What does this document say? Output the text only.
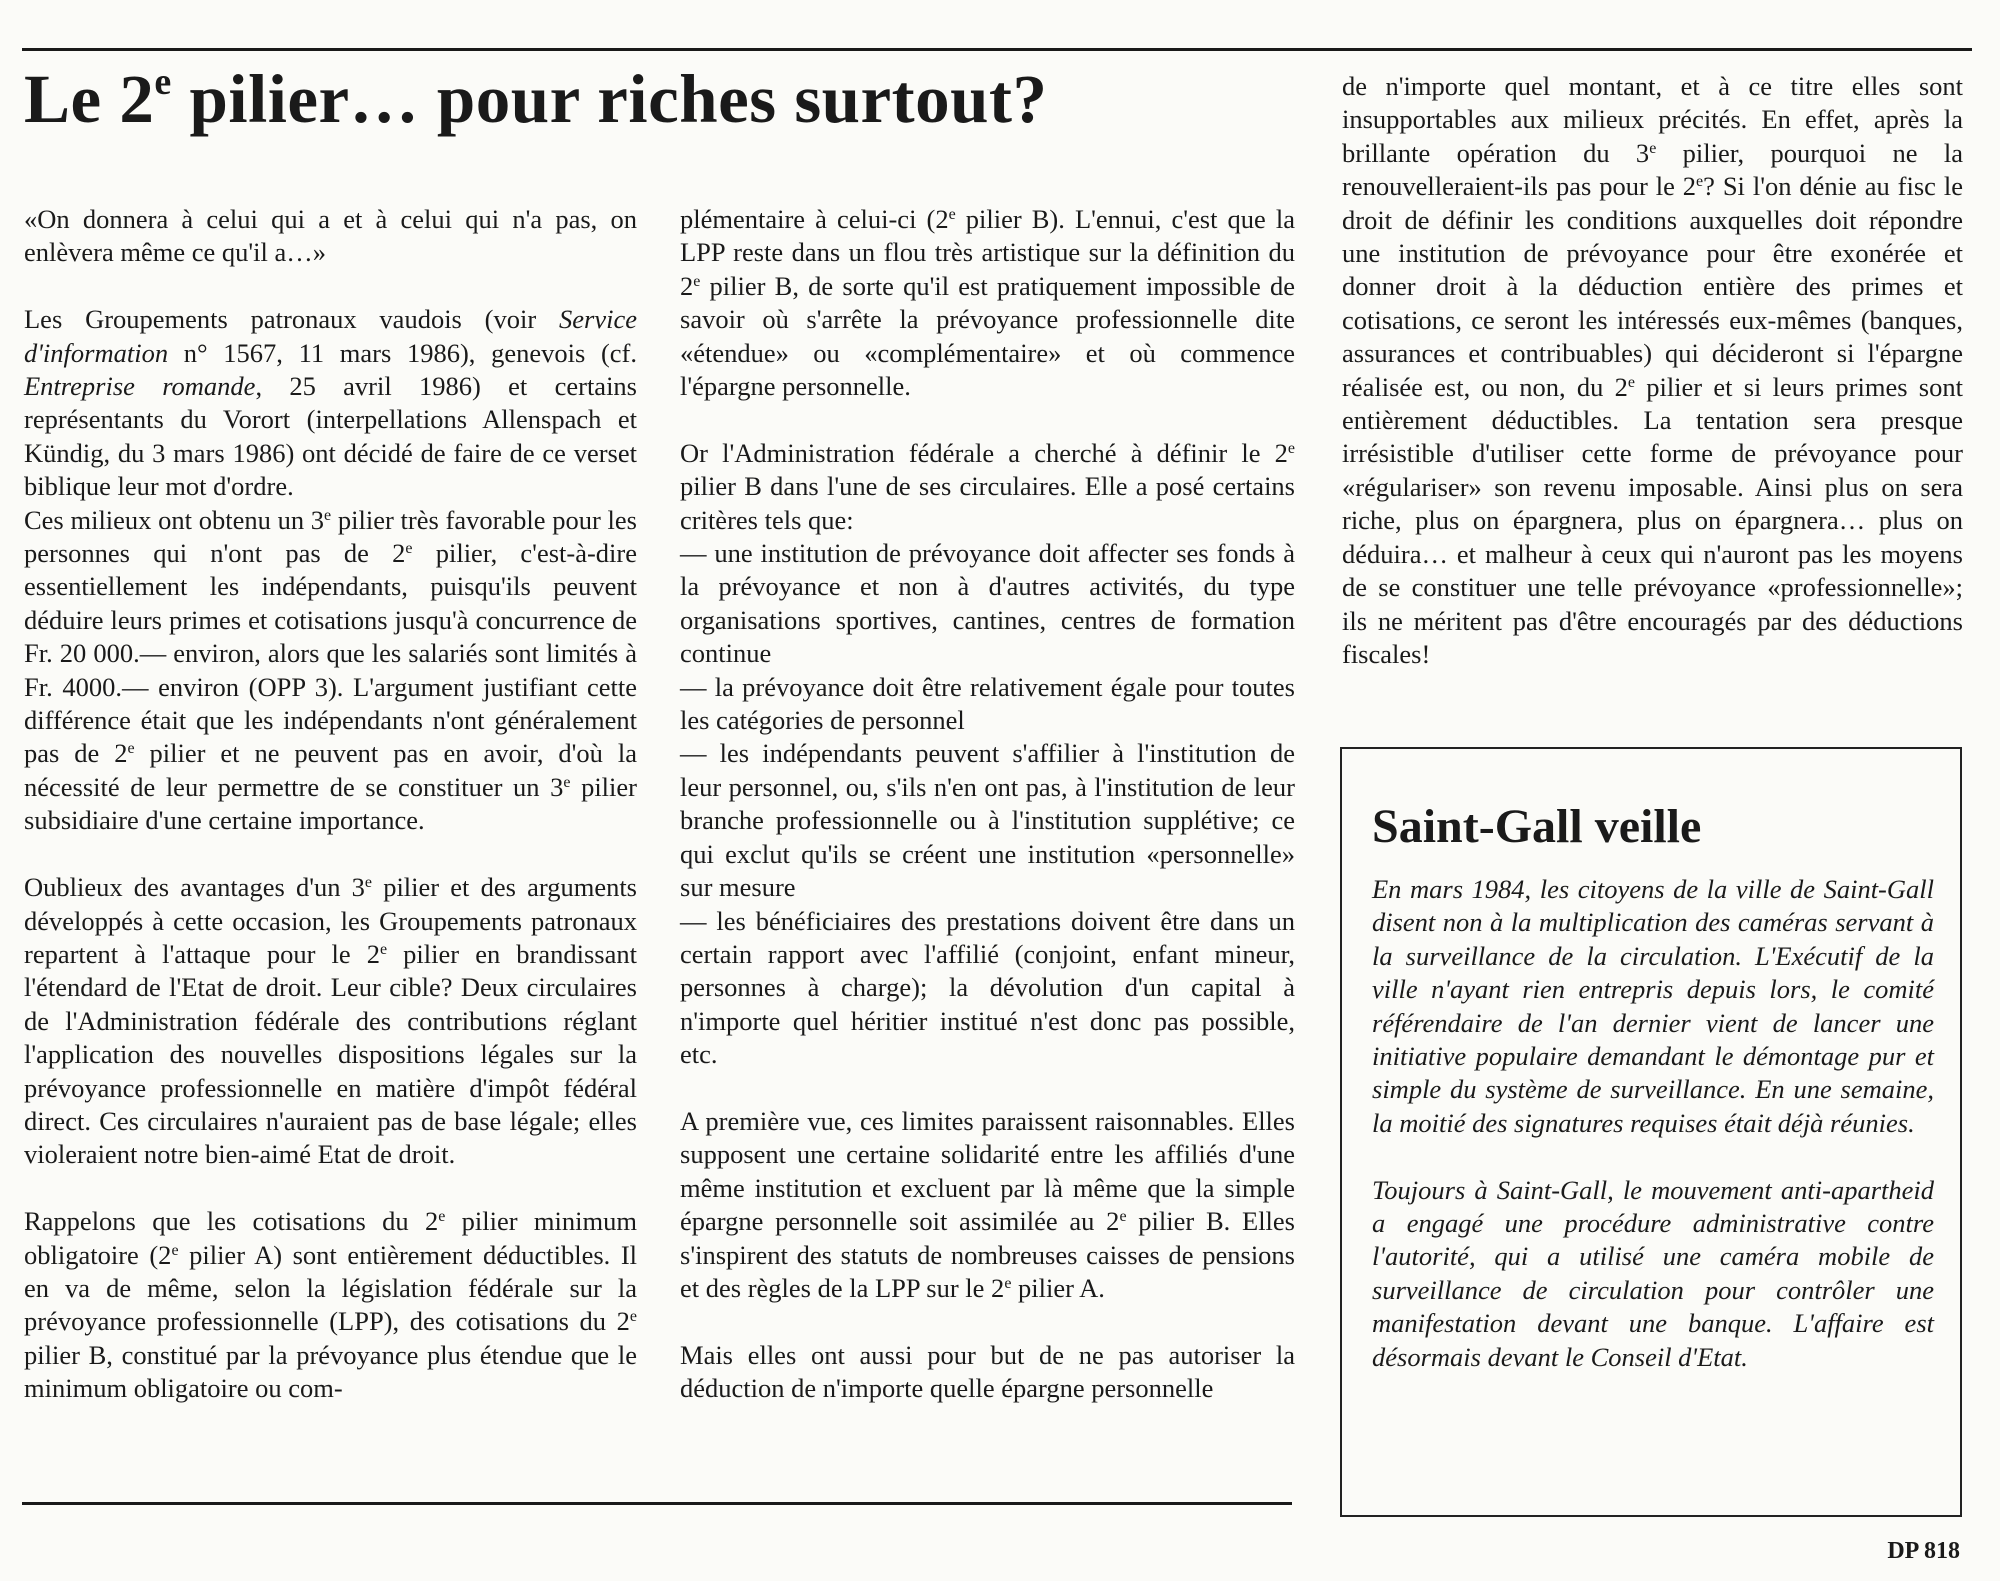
Le 2e pilier… pour riches surtout?

«On donnera à celui qui a et à celui qui n'a pas, on enlèvera même ce qu'il a…»

Les Groupements patronaux vaudois (voir Service d'information n° 1567, 11 mars 1986), genevois (cf. Entreprise romande, 25 avril 1986) et certains représentants du Vorort (interpellations Allenspach et Kündig, du 3 mars 1986) ont décidé de faire de ce verset biblique leur mot d'ordre.

Ces milieux ont obtenu un 3e pilier très favorable pour les personnes qui n'ont pas de 2e pilier, c'est-à-dire essentiellement les indépendants, puisqu'ils peuvent déduire leurs primes et cotisations jusqu'à concurrence de Fr. 20 000.— environ, alors que les salariés sont limités à Fr. 4000.— environ (OPP 3). L'argument justifiant cette différence était que les indépendants n'ont généralement pas de 2e pilier et ne peuvent pas en avoir, d'où la nécessité de leur permettre de se constituer un 3e pilier subsidiaire d'une certaine importance.

Oublieux des avantages d'un 3e pilier et des arguments développés à cette occasion, les Groupements patronaux repartent à l'attaque pour le 2e pilier en brandissant l'étendard de l'Etat de droit. Leur cible? Deux circulaires de l'Administration fédérale des contributions réglant l'application des nouvelles dispositions légales sur la prévoyance professionnelle en matière d'impôt fédéral direct. Ces circulaires n'auraient pas de base légale; elles violeraient notre bien-aimé Etat de droit.

Rappelons que les cotisations du 2e pilier minimum obligatoire (2e pilier A) sont entièrement déductibles. Il en va de même, selon la législation fédérale sur la prévoyance professionnelle (LPP), des cotisations du 2e pilier B, constitué par la prévoyance plus étendue que le minimum obligatoire ou com-

plémentaire à celui-ci (2e pilier B). L'ennui, c'est que la LPP reste dans un flou très artistique sur la définition du 2e pilier B, de sorte qu'il est pratiquement impossible de savoir où s'arrête la prévoyance professionnelle dite «étendue» ou «complémentaire» et où commence l'épargne personnelle.

Or l'Administration fédérale a cherché à définir le 2e pilier B dans l'une de ses circulaires. Elle a posé certains critères tels que:

— une institution de prévoyance doit affecter ses fonds à la prévoyance et non à d'autres activités, du type organisations sportives, cantines, centres de formation continue

— la prévoyance doit être relativement égale pour toutes les catégories de personnel

— les indépendants peuvent s'affilier à l'institution de leur personnel, ou, s'ils n'en ont pas, à l'institution de leur branche professionnelle ou à l'institution supplétive; ce qui exclut qu'ils se créent une institution «personnelle» sur mesure

— les bénéficiaires des prestations doivent être dans un certain rapport avec l'affilié (conjoint, enfant mineur, personnes à charge); la dévolution d'un capital à n'importe quel héritier institué n'est donc pas possible, etc.

A première vue, ces limites paraissent raisonnables. Elles supposent une certaine solidarité entre les affiliés d'une même institution et excluent par là même que la simple épargne personnelle soit assimilée au 2e pilier B. Elles s'inspirent des statuts de nombreuses caisses de pensions et des règles de la LPP sur le 2e pilier A.

Mais elles ont aussi pour but de ne pas autoriser la déduction de n'importe quelle épargne personnelle

de n'importe quel montant, et à ce titre elles sont insupportables aux milieux précités. En effet, après la brillante opération du 3e pilier, pourquoi ne la renouvelleraient-ils pas pour le 2e? Si l'on dénie au fisc le droit de définir les conditions auxquelles doit répondre une institution de prévoyance pour être exonérée et donner droit à la déduction entière des primes et cotisations, ce seront les intéressés eux-mêmes (banques, assurances et contribuables) qui décideront si l'épargne réalisée est, ou non, du 2e pilier et si leurs primes sont entièrement déductibles. La tentation sera presque irrésistible d'utiliser cette forme de prévoyance pour «régulariser» son revenu imposable. Ainsi plus on sera riche, plus on épargnera, plus on épargnera… plus on déduira… et malheur à ceux qui n'auront pas les moyens de se constituer une telle prévoyance «professionnelle»; ils ne méritent pas d'être encouragés par des déductions fiscales!

Saint-Gall veille

En mars 1984, les citoyens de la ville de Saint-Gall disent non à la multiplication des caméras servant à la surveillance de la circulation. L'Exécutif de la ville n'ayant rien entrepris depuis lors, le comité référendaire de l'an dernier vient de lancer une initiative populaire demandant le démontage pur et simple du système de surveillance. En une semaine, la moitié des signatures requises était déjà réunies.

Toujours à Saint-Gall, le mouvement anti-apartheid a engagé une procédure administrative contre l'autorité, qui a utilisé une caméra mobile de surveillance de circulation pour contrôler une manifestation devant une banque. L'affaire est désormais devant le Conseil d'Etat.

DP 818
